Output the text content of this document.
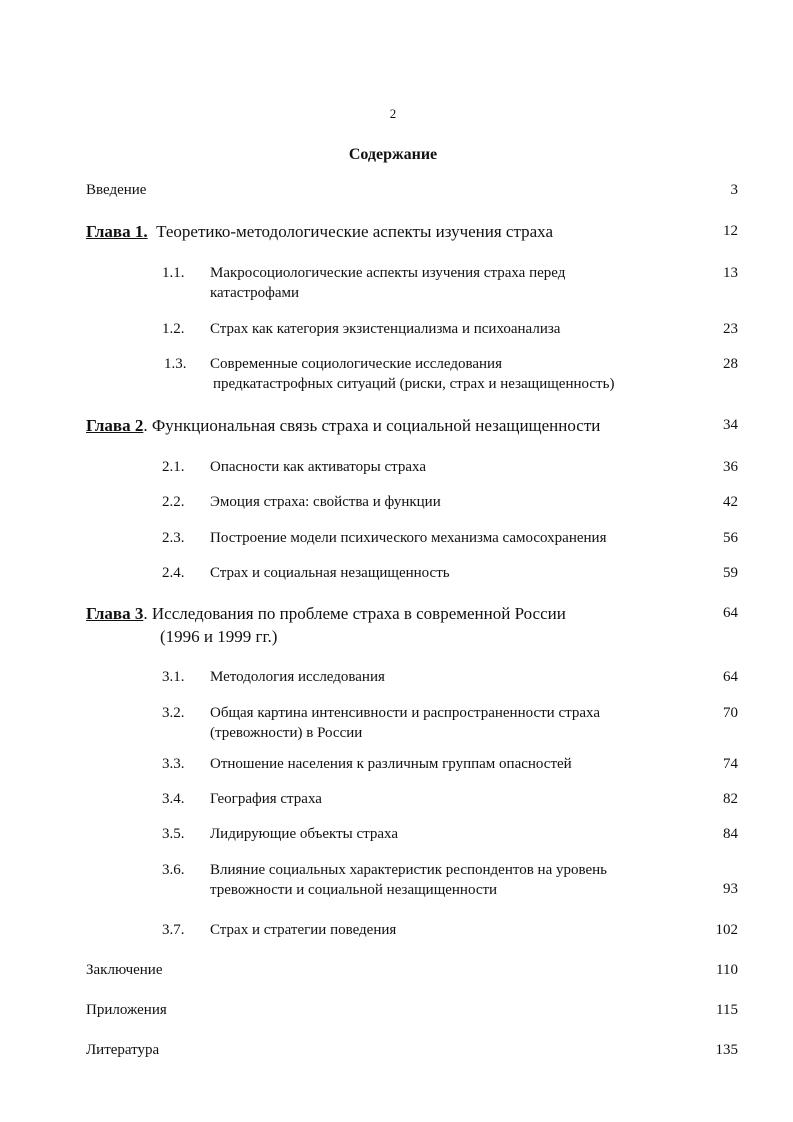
2
Содержание
Введение	3
Глава 1. Теоретико-методологические аспекты изучения страха	12
1.1. Макросоциологические аспекты изучения страха перед
катастрофами
13
1.2. Страх как категория экзистенциализма и психоанализа	23
1.3. Современные социологические исследования
предкатастрофных ситуаций (риски, страх и незащищенность)
28
Глава 2. Функциональная связь страха и социальной незащищенности	34
2.1. Опасности как активаторы страха	36
2.2. Эмоция страха: свойства и функции	42
2.3. Построение модели психического механизма самосохранения	56
2.4. Страх и социальная незащищенность	59
Глава 3. Исследования по проблеме страха в современной России
(1996 и 1999 гг.)
64
3.1. Методология исследования	64
3.2. Общая картина интенсивности и распространенности страха
(тревожности) в России
70
3.3. Отношение населения к различным группам опасностей	74
3.4. География страха	82
3.5. Лидирующие объекты страха	84
3.6. Влияние социальных характеристик респондентов на уровень
тревожности и социальной незащищенности	93
3.7. Страх и стратегии поведения	102
Заключение	110
Приложения	115
Литература	135
